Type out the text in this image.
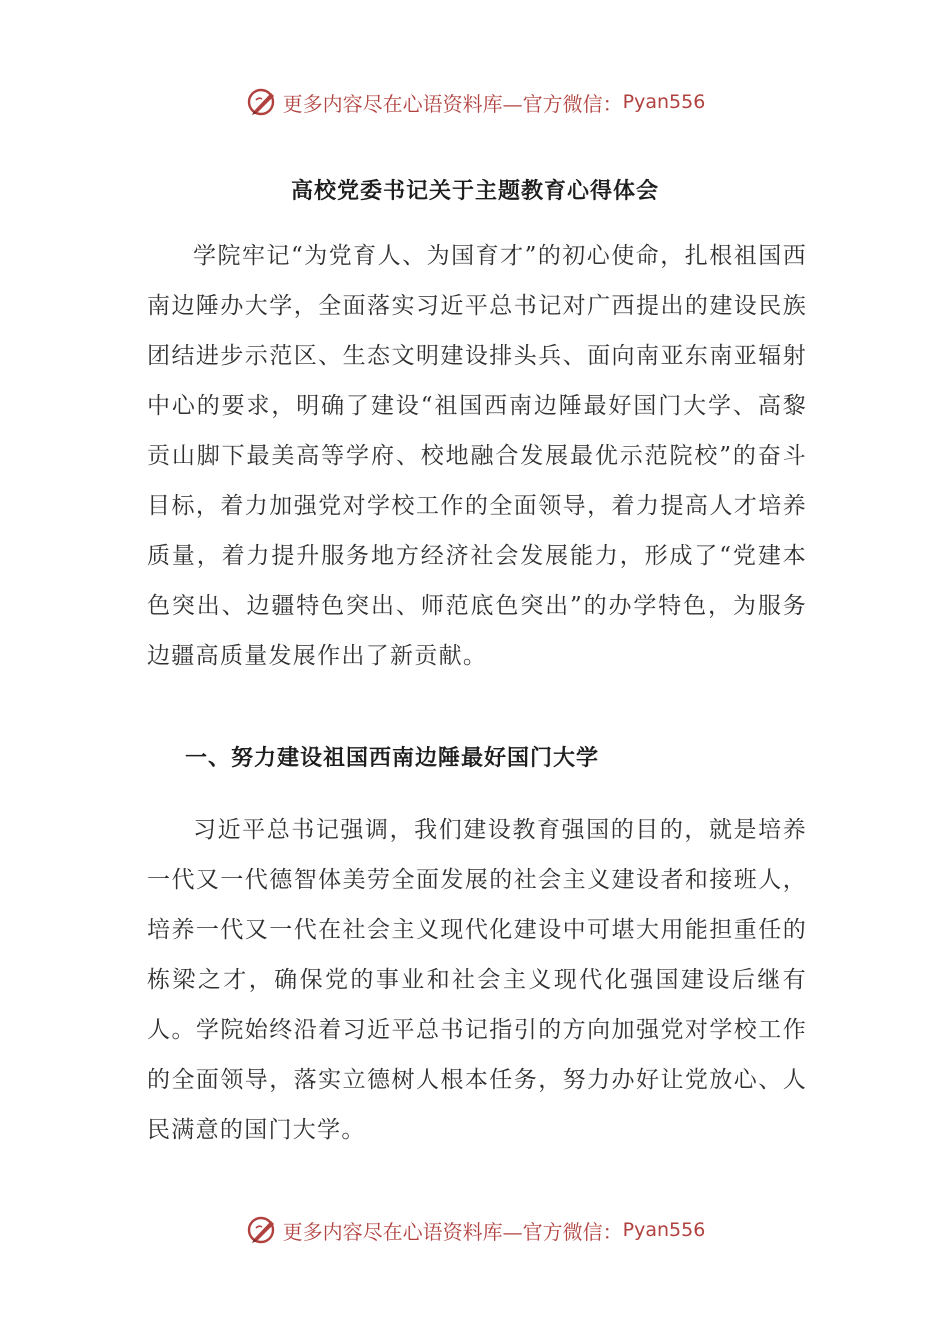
更多内容尽在心语资料库—官方微信： Pyan556
高校党委书记关于主题教育心得体会

学院牢记“为党育人、为国育才”的初心使命，扎根祖国西南边陲办大学，全面落实习近平总书记对广西提出的建设民族团结进步示范区、生态文明建设排头兵、面向南亚东南亚辐射中心的要求，明确了建设“祖国西南边陲最好国门大学、高黎贡山脚下最美高等学府、校地融合发展最优示范院校”的奋斗目标，着力加强党对学校工作的全面领导，着力提高人才培养质量，着力提升服务地方经济社会发展能力，形成了“党建本色突出、边疆特色突出、师范底色突出”的办学特色，为服务边疆高质量发展作出了新贡献。

一、努力建设祖国西南边陲最好国门大学

习近平总书记强调，我们建设教育强国的目的，就是培养一代又一代德智体美劳全面发展的社会主义建设者和接班人，培养一代又一代在社会主义现代化建设中可堪大用能担重任的栋梁之才，确保党的事业和社会主义现代化强国建设后继有人。学院始终沿着习近平总书记指引的方向加强党对学校工作的全面领导，落实立德树人根本任务，努力办好让党放心、人民满意的国门大学。

更多内容尽在心语资料库—官方微信： Pyan556
